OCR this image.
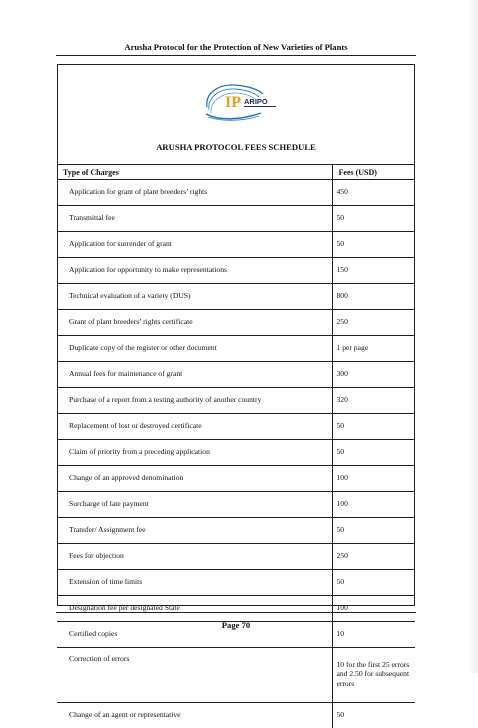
Arusha Protocol for the Protection of New Varieties of Plants
IP ARIPO
ARUSHA PROTOCOL FEES SCHEDULE
Type of Charges	Fees (USD)
Application for grant of plant breeders’ rights	450
Transmittal fee	50
Application for surrender of grant	50
Application for opportunity to make representations	150
Technical evaluation of a variety (DUS)	800
Grant of plant breeders’ rights certificate	250
Duplicate copy of the register or other document	1 per page
Annual fees for maintenance of grant	300
Purchase of a report from a testing authority of another country	320
Replacement of lost or destroyed certificate	50
Claim of priority from a preceding application	50
Change of an approved denomination	100
Surcharge of late payment	100
Transfer/ Assignment fee	50
Fees for objection	250
Extension of time limits	50
Designation fee per designated State	100
Certified copies	10
Correction of errors	10 for the first 25 errors and 2.50 for subsequent errors
Change of an agent or representative	50
Page 70
